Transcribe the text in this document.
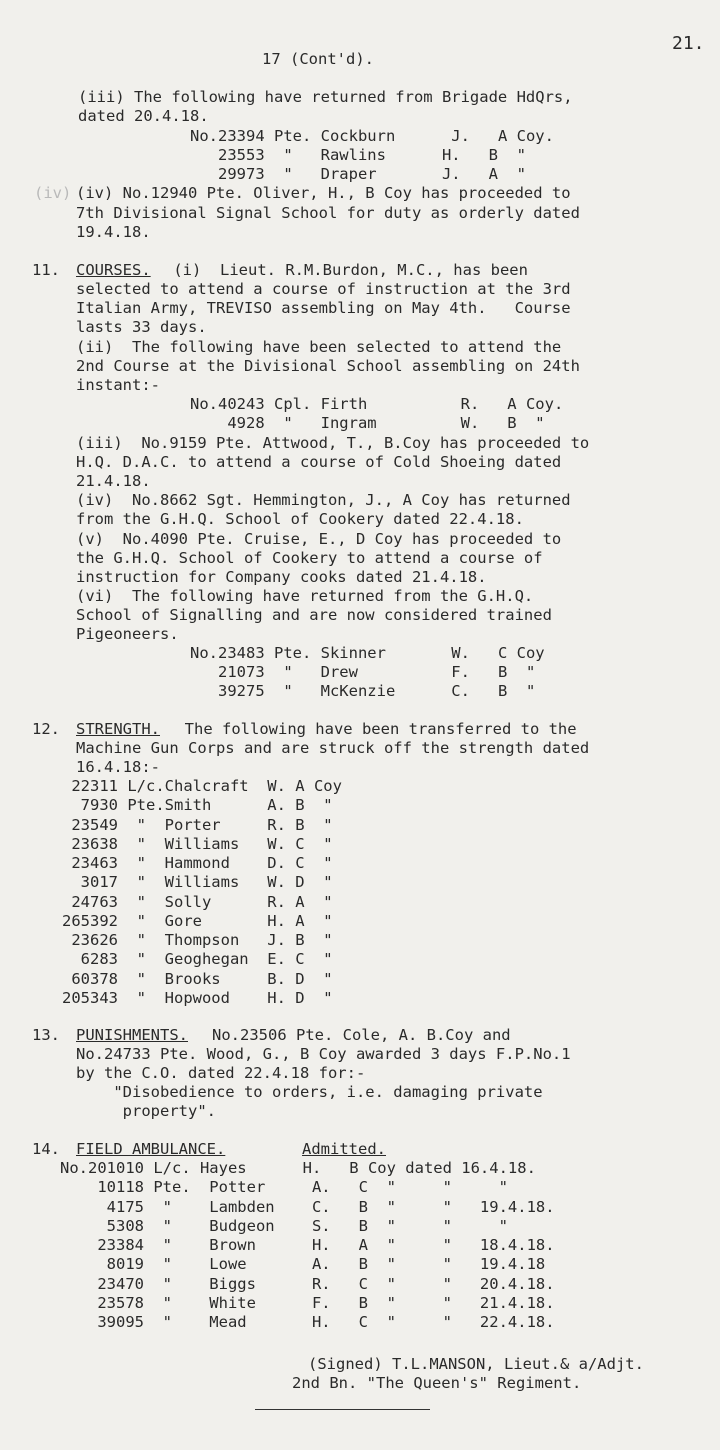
21.
17 (Cont'd).
(iii) The following have returned from Brigade HdQrs,
dated 20.4.18.
No.23394 Pte. Cockburn      J.   A Coy.
23553  "   Rawlins      H.   B  "
29973  "   Draper       J.   A  "
(iv) (iv) No.12940 Pte. Oliver, H., B Coy has proceeded to
7th Divisional Signal School for duty as orderly dated
19.4.18.
11. COURSES. (i)  Lieut. R.M.Burdon, M.C., has been
selected to attend a course of instruction at the 3rd
Italian Army, TREVISO assembling on May 4th.   Course
lasts 33 days.
(ii)  The following have been selected to attend the
2nd Course at the Divisional School assembling on 24th
instant:-
No.40243 Cpl. Firth          R.   A Coy.
4928  "   Ingram         W.   B  "
(iii)  No.9159 Pte. Attwood, T., B.Coy has proceeded to
H.Q. D.A.C. to attend a course of Cold Shoeing dated
21.4.18.
(iv)  No.8662 Sgt. Hemmington, J., A Coy has returned
from the G.H.Q. School of Cookery dated 22.4.18.
(v)  No.4090 Pte. Cruise, E., D Coy has proceeded to
the G.H.Q. School of Cookery to attend a course of
instruction for Company cooks dated 21.4.18.
(vi)  The following have returned from the G.H.Q.
School of Signalling and are now considered trained
Pigeoneers.
No.23483 Pte. Skinner       W.   C Coy
21073  "   Drew          F.   B  "
39275  "   McKenzie      C.   B  "
12. STRENGTH. The following have been transferred to the
Machine Gun Corps and are struck off the strength dated
16.4.18:-
22311 L/c.Chalcraft  W. A Coy
7930 Pte.Smith      A. B  "
23549  "  Porter     R. B  "
23638  "  Williams   W. C  "
23463  "  Hammond    D. C  "
3017  "  Williams   W. D  "
24763  "  Solly      R. A  "
265392  "  Gore       H. A  "
23626  "  Thompson   J. B  "
6283  "  Geoghegan  E. C  "
60378  "  Brooks     B. D  "
205343  "  Hopwood    H. D  "
13. PUNISHMENTS.
No.23506 Pte. Cole, A. B.Coy and
No.24733 Pte. Wood, G., B Coy awarded 3 days F.P.No.1
by the C.O. dated 22.4.18 for:-
"Disobedience to orders, i.e. damaging private
property".
14. FIELD AMBULANCE.	Admitted.
No.201010 L/c. Hayes      H.   B Coy dated 16.4.18.
10118 Pte.  Potter     A.   C  "     "     "
4175  "    Lambden    C.   B  "     "   19.4.18.
5308  "    Budgeon    S.   B  "     "     "
23384  "    Brown      H.   A  "     "   18.4.18.
8019  "    Lowe       A.   B  "     "   19.4.18
23470  "    Biggs      R.   C  "     "   20.4.18.
23578  "    White      F.   B  "     "   21.4.18.
39095  "    Mead       H.   C  "     "   22.4.18.
(Signed) T.L.MANSON, Lieut.& a/Adjt.
2nd Bn. "The Queen's" Regiment.
